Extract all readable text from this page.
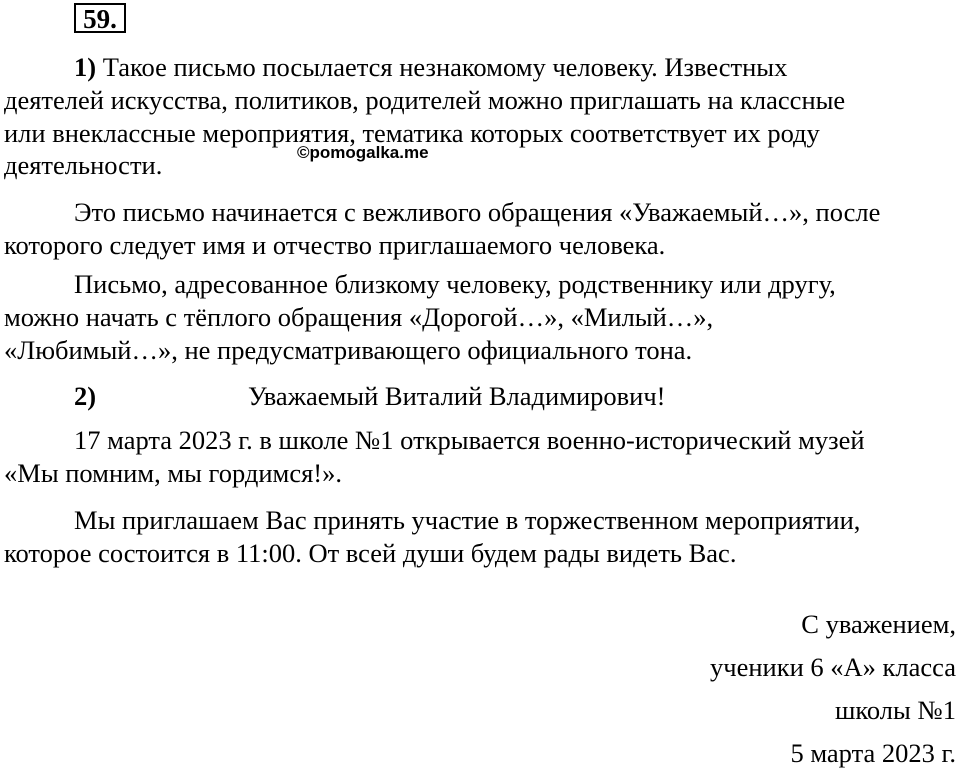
59.

1) Такое письмо посылается незнакомому человеку. Известных

деятелей искусства, политиков, родителей можно приглашать на классные

или внеклассные мероприятия, тематика которых соответствует их роду

деятельности.	©pomogalka.me

Это письмо начинается с вежливого обращения «Уважаемый…», после

которого следует имя и отчество приглашаемого человека.

Письмо, адресованное близкому человеку, родственнику или другу,

можно начать с тёплого обращения «Дорогой…», «Милый…»,

«Любимый…», не предусматривающего официального тона.

2)	Уважаемый Виталий Владимирович!

17 марта 2023 г. в школе №1 открывается военно-исторический музей

«Мы помним, мы гордимся!».

Мы приглашаем Вас принять участие в торжественном мероприятии,

которое состоится в 11:00. От всей души будем рады видеть Вас.

С уважением,

ученики 6 «А» класса

школы №1

5 марта 2023 г.
